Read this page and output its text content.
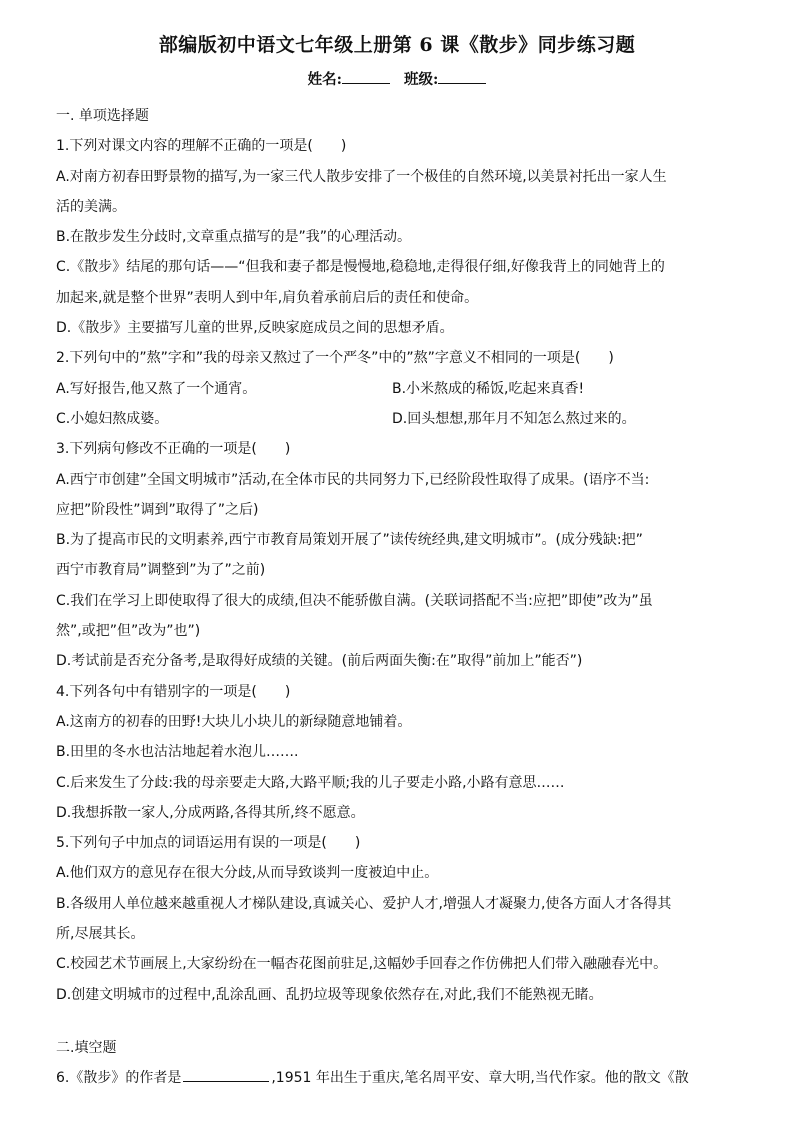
部编版初中语文七年级上册第 6 课《散步》同步练习题
姓名:	班级:

一. 单项选择题

1.下列对课文内容的理解不正确的一项是(　　)

A.对南方初春田野景物的描写,为一家三代人散步安排了一个极佳的自然环境,以美景衬托出一家人生

活的美满。

B.在散步发生分歧时,文章重点描写的是”我”的心理活动。

C.《散步》结尾的那句话——“但我和妻子都是慢慢地,稳稳地,走得很仔细,好像我背上的同她背上的

加起来,就是整个世界”表明人到中年,肩负着承前启后的责任和使命。

D.《散步》主要描写儿童的世界,反映家庭成员之间的思想矛盾。

2.下列句中的”熬”字和”我的母亲又熬过了一个严冬”中的”熬”字意义不相同的一项是(　　)

A.写好报告,他又熬了一个通宵。	B.小米熬成的稀饭,吃起来真香!
C.小媳妇熬成婆。	D.回头想想,那年月不知怎么熬过来的。

3.下列病句修改不正确的一项是(　　)

A.西宁市创建”全国文明城市”活动,在全体市民的共同努力下,已经阶段性取得了成果。(语序不当:

应把”阶段性”调到”取得了”之后)

B.为了提高市民的文明素养,西宁市教育局策划开展了”读传统经典,建文明城市”。(成分残缺:把”

西宁市教育局”调整到”为了”之前)

C.我们在学习上即使取得了很大的成绩,但决不能骄傲自满。(关联词搭配不当:应把”即使”改为”虽

然”,或把”但”改为”也”)

D.考试前是否充分备考,是取得好成绩的关键。(前后两面失衡:在”取得”前加上”能否”)

4.下列各句中有错别字的一项是(　　)

A.这南方的初春的田野!大块儿小块儿的新绿随意地铺着。

B.田里的冬水也沽沽地起着水泡儿…….

C.后来发生了分歧:我的母亲要走大路,大路平顺;我的儿子要走小路,小路有意思……

D.我想拆散一家人,分成两路,各得其所,终不愿意。

5.下列句子中加点的词语运用有误的一项是(　　)

A.他们双方的意见存在很大分歧,从而导致谈判一度被迫中止。

B.各级用人单位越来越重视人才梯队建设,真诚关心、爱护人才,增强人才凝聚力,使各方面人才各得其

所,尽展其长。

C.校园艺术节画展上,大家纷纷在一幅杏花图前驻足,这幅妙手回春之作仿佛把人们带入融融春光中。

D.创建文明城市的过程中,乱涂乱画、乱扔垃圾等现象依然存在,对此,我们不能熟视无睹。

二.填空题

6.《散步》的作者是	,1951 年出生于重庆,笔名周平安、章大明,当代作家。他的散文《散
